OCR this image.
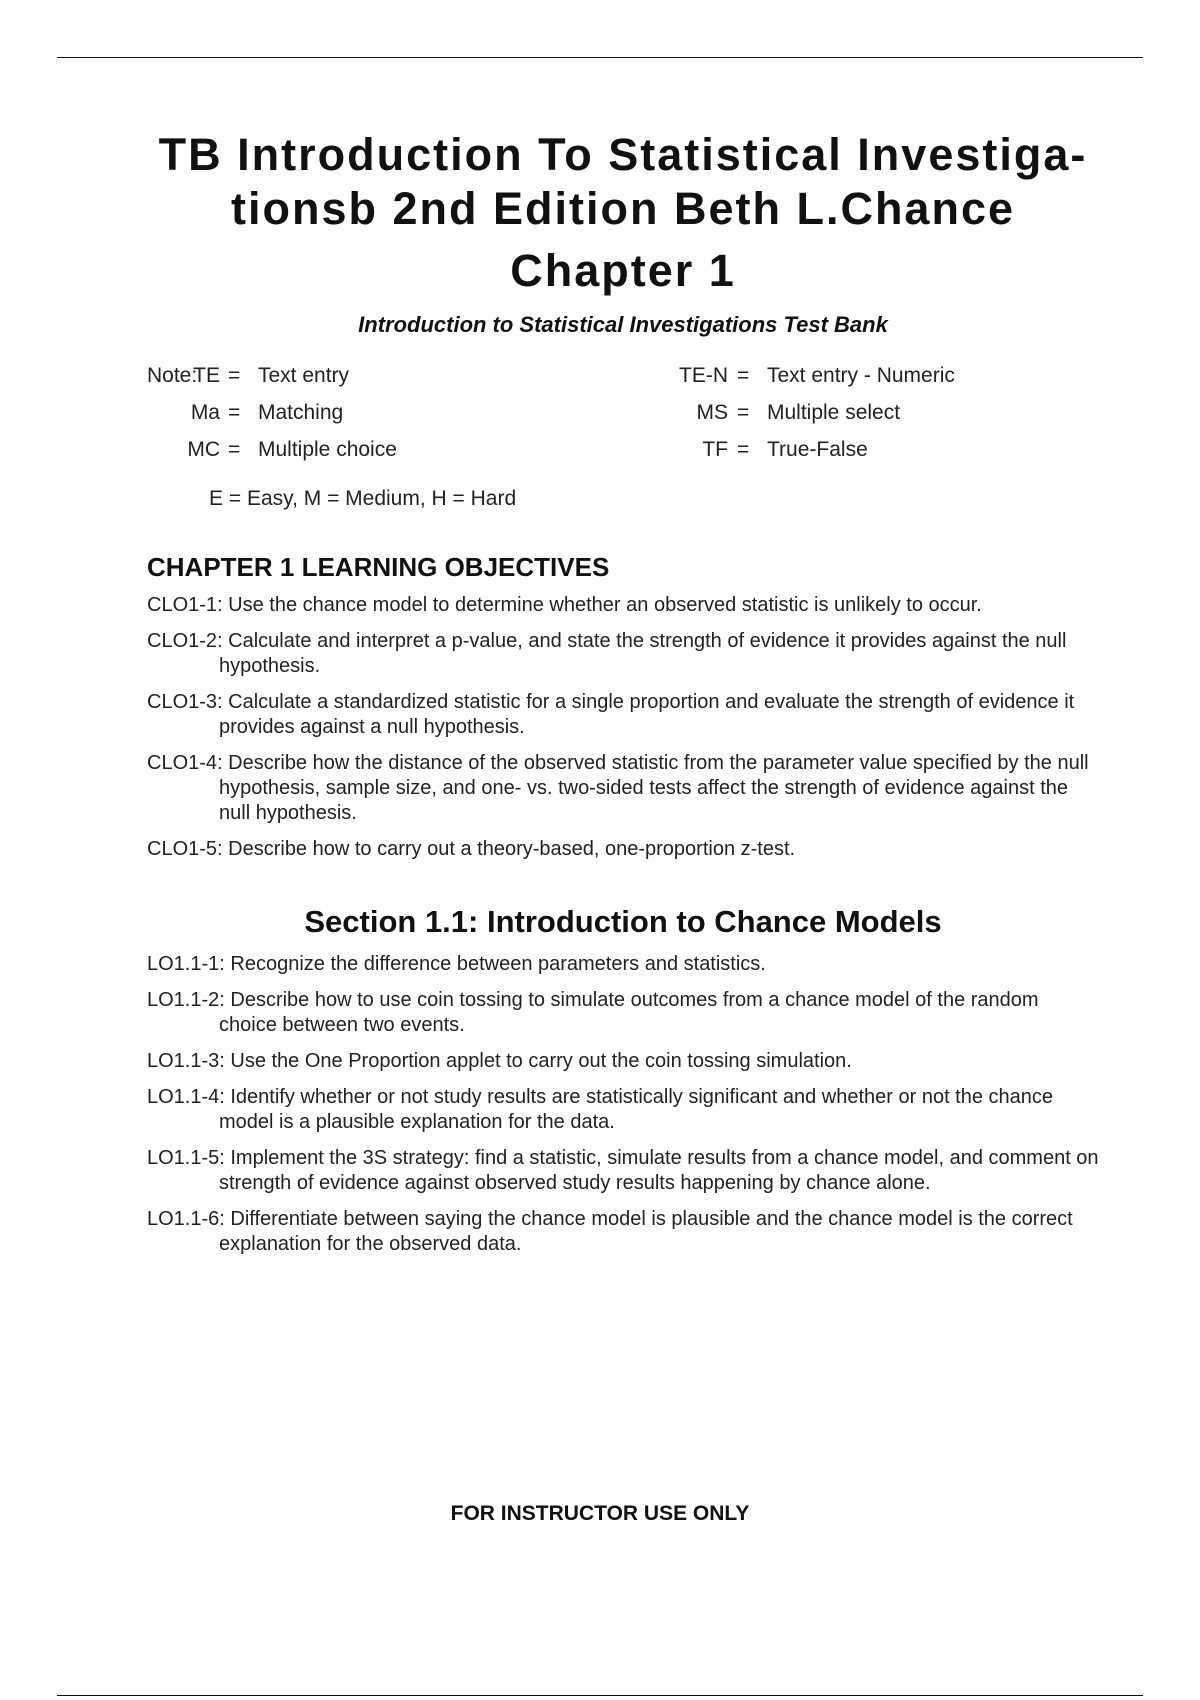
TB Introduction To Statistical Investiga-
tionsb 2nd Edition Beth L.Chance
Chapter 1

Introduction to Statistical Investigations Test Bank

Note:
TE = Text entry
Ma = Matching
MC = Multiple choice
TE-N = Text entry - Numeric
MS = Multiple select
TF = True-False
E = Easy, M = Medium, H = Hard
CHAPTER 1 LEARNING OBJECTIVES
CLO1-1: Use the chance model to determine whether an observed statistic is unlikely to occur.
CLO1-2: Calculate and interpret a p-value, and state the strength of evidence it provides against the null hypothesis.
CLO1-3: Calculate a standardized statistic for a single proportion and evaluate the strength of evidence it provides against a null hypothesis.
CLO1-4: Describe how the distance of the observed statistic from the parameter value specified by the null hypothesis, sample size, and one- vs. two-sided tests affect the strength of evidence against the null hypothesis.
CLO1-5: Describe how to carry out a theory-based, one-proportion z-test.
Section 1.1: Introduction to Chance Models
LO1.1-1: Recognize the difference between parameters and statistics.
LO1.1-2: Describe how to use coin tossing to simulate outcomes from a chance model of the random choice between two events.
LO1.1-3: Use the One Proportion applet to carry out the coin tossing simulation.
LO1.1-4: Identify whether or not study results are statistically significant and whether or not the chance model is a plausible explanation for the data.
LO1.1-5: Implement the 3S strategy: find a statistic, simulate results from a chance model, and comment on strength of evidence against observed study results happening by chance alone.
LO1.1-6: Differentiate between saying the chance model is plausible and the chance model is the correct explanation for the observed data.
FOR INSTRUCTOR USE ONLY
